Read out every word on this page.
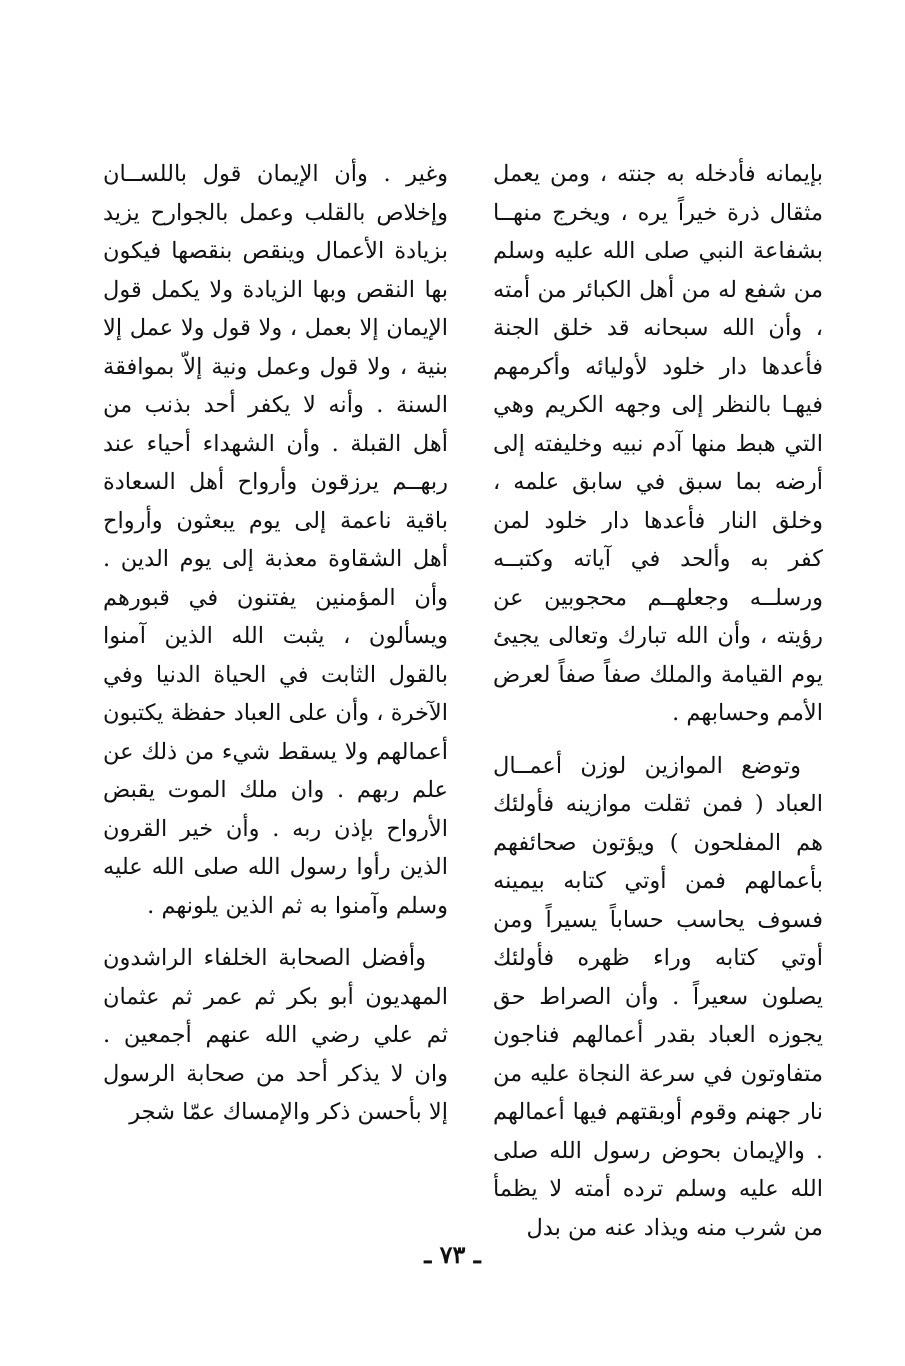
بإيمانه فأدخله به جنته ، ومن يعمل مثقال ذرة خيراً يره ، ويخرج منهــا بشفاعة النبي صلى الله عليه وسلم من شفع له من أهل الكبائر من أمته ، وأن الله سبحانه قد خلق الجنة فأعدها دار خلود لأوليائه وأكرمهم فيهـا بالنظر إلى وجهه الكريم وهي التي هبط منها آدم نبيه وخليفته إلى أرضه بما سبق في سابق علمه ، وخلق النار فأعدها دار خلود لمن كفر به وألحد في آياته وكتبــه ورسلــه وجعلهــم محجوبين عن رؤيته ، وأن الله تبارك وتعالى يجيئ يوم القيامة والملك صفاً صفاً لعرض الأمم وحسابهم .

وتوضع الموازين لوزن أعمــال العباد ( فمن ثقلت موازينه فأولئك هم المفلحون ) ويؤتون صحائفهم بأعمالهم فمن أوتي كتابه بيمينه فسوف يحاسب حساباً يسيراً ومن أوتي كتابه وراء ظهره فأولئك يصلون سعيراً . وأن الصراط حق يجوزه العباد بقدر أعمالهم فناجون متفاوتون في سرعة النجاة عليه من نار جهنم وقوم أوبقتهم فيها أعمالهم . والإيمان بحوض رسول الله صلى الله عليه وسلم ترده أمته لا يظمأ من شرب منه ويذاد عنه من بدل

وغير . وأن الإيمان قول باللســان وإخلاص بالقلب وعمل بالجوارح يزيد بزيادة الأعمال وينقص بنقصها فيكون بها النقص وبها الزيادة ولا يكمل قول الإيمان إلا بعمل ، ولا قول ولا عمل إلا بنية ، ولا قول وعمل ونية إلاّ بموافقة السنة . وأنه لا يكفر أحد بذنب من أهل القبلة . وأن الشهداء أحياء عند ربهــم يرزقون وأرواح أهل السعادة باقية ناعمة إلى يوم يبعثون وأرواح أهل الشقاوة معذبة إلى يوم الدين . وأن المؤمنين يفتنون في قبورهم ويسألون ، يثبت الله الذين آمنوا بالقول الثابت في الحياة الدنيا وفي الآخرة ، وأن على العباد حفظة يكتبون أعمالهم ولا يسقط شيء من ذلك عن علم ربهم . وان ملك الموت يقبض الأرواح بإذن ربه . وأن خير القرون الذين رأوا رسول الله صلى الله عليه وسلم وآمنوا به ثم الذين يلونهم .

وأفضل الصحابة الخلفاء الراشدون المهديون أبو بكر ثم عمر ثم عثمان ثم علي رضي الله عنهم أجمعين . وان لا يذكر أحد من صحابة الرسول إلا بأحسن ذكر والإمساك عمّا شجر

ـ ٧٣ ـ
